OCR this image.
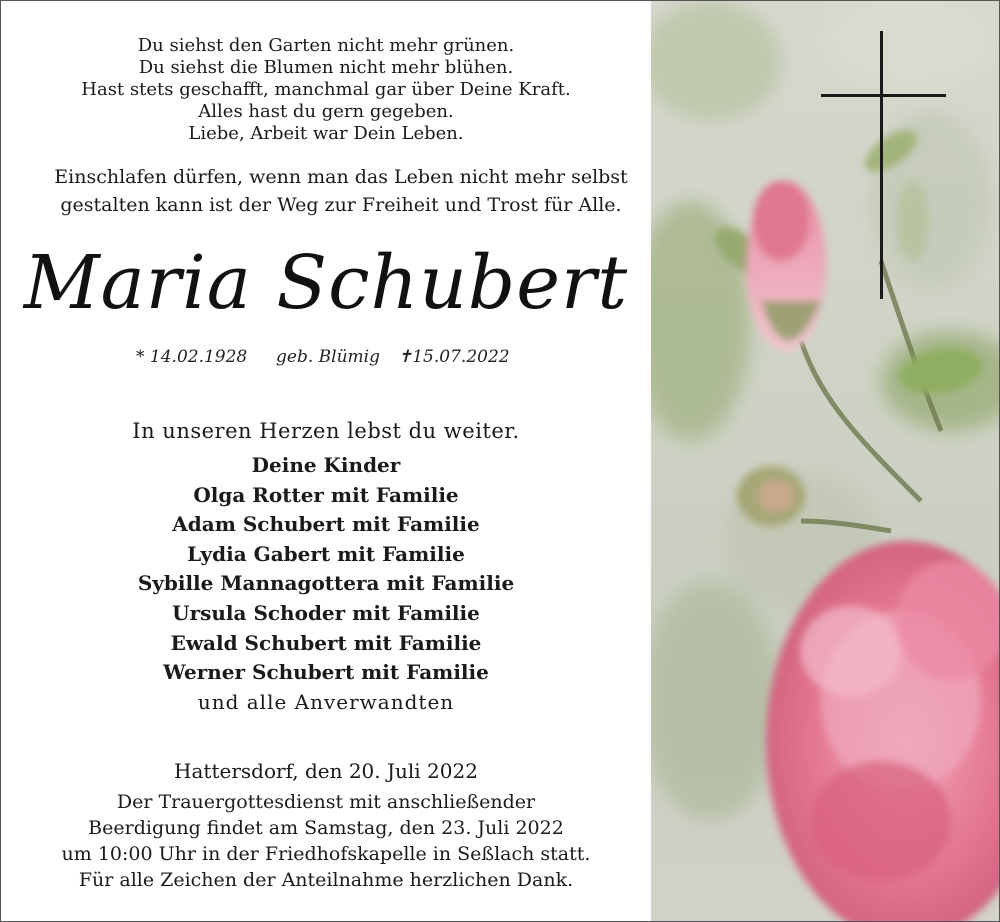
Du siehst den Garten nicht mehr grünen.
Du siehst die Blumen nicht mehr blühen.
Hast stets geschafft, manchmal gar über Deine Kraft.
Alles hast du gern gegeben.
Liebe, Arbeit war Dein Leben.
Einschlafen dürfen, wenn man das Leben nicht mehr selbst
gestalten kann ist der Weg zur Freiheit und Trost für Alle.
Maria Schubert
* 14.02.1928 geb. Blümig ✝15.07.2022
In unseren Herzen lebst du weiter.
Deine Kinder
Olga Rotter mit Familie
Adam Schubert mit Familie
Lydia Gabert mit Familie
Sybille Mannagottera mit Familie
Ursula Schoder mit Familie
Ewald Schubert mit Familie
Werner Schubert mit Familie
und alle Anverwandten
Hattersdorf, den 20. Juli 2022
Der Trauergottesdienst mit anschließender
Beerdigung findet am Samstag, den 23. Juli 2022
um 10:00 Uhr in der Friedhofskapelle in Seßlach statt.
Für alle Zeichen der Anteilnahme herzlichen Dank.
